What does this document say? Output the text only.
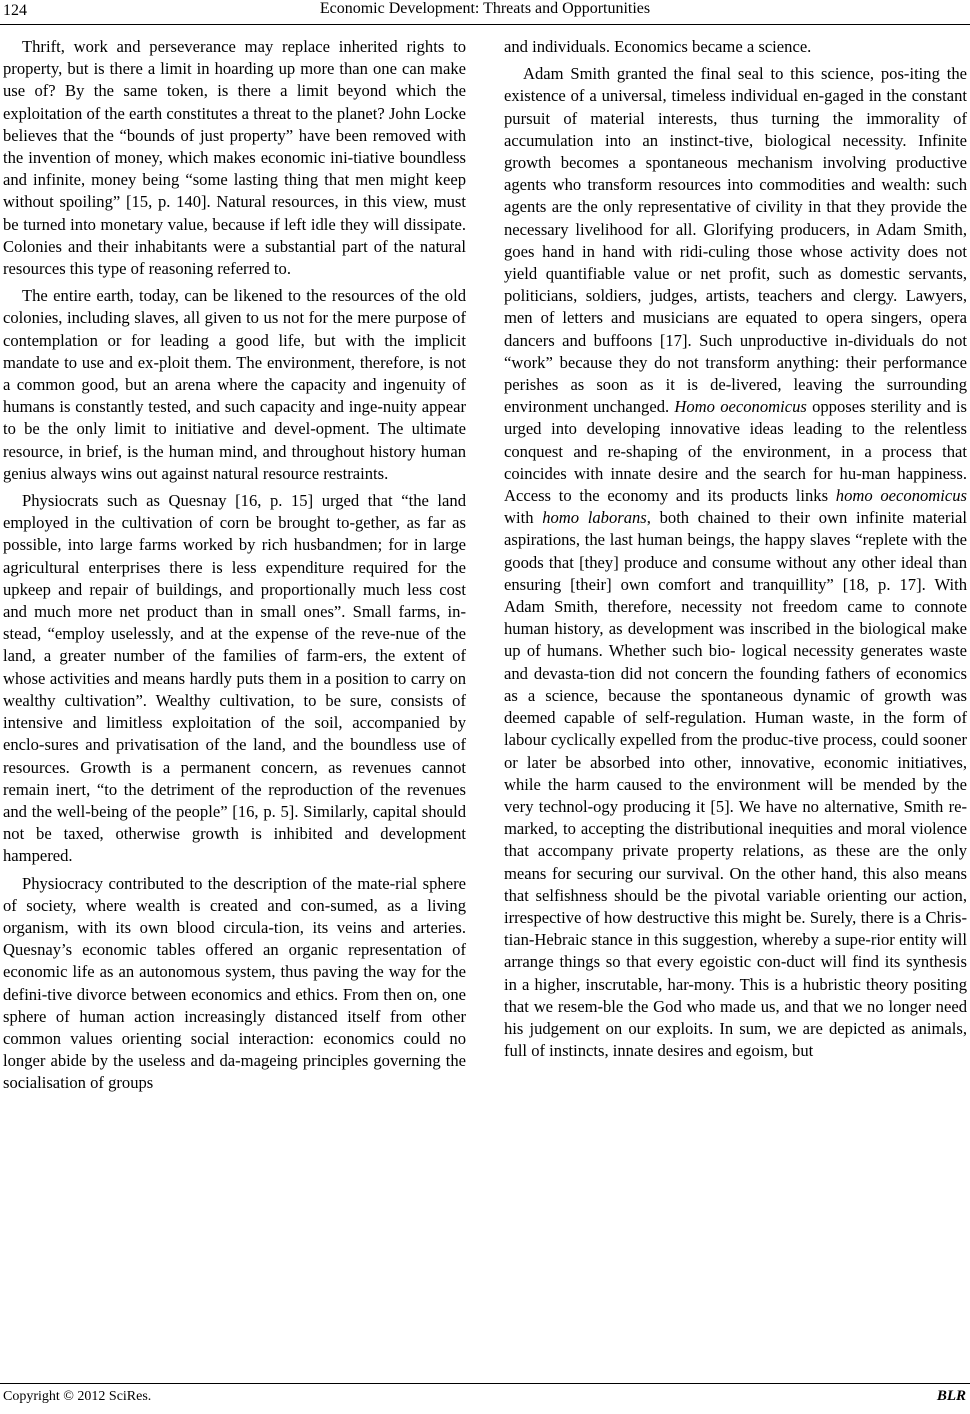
124	Economic Development: Threats and Opportunities

Thrift, work and perseverance may replace inherited rights to property, but is there a limit in hoarding up more than one can make use of? By the same token, is there a limit beyond which the exploitation of the earth constitutes a threat to the planet? John Locke believes that the “bounds of just property” have been removed with the invention of money, which makes economic ini-tiative boundless and infinite, money being “some lasting thing that men might keep without spoiling” [15, p. 140]. Natural resources, in this view, must be turned into monetary value, because if left idle they will dissipate. Colonies and their inhabitants were a substantial part of the natural resources this type of reasoning referred to.

The entire earth, today, can be likened to the resources of the old colonies, including slaves, all given to us not for the mere purpose of contemplation or for leading a good life, but with the implicit mandate to use and ex-ploit them. The environment, therefore, is not a common good, but an arena where the capacity and ingenuity of humans is constantly tested, and such capacity and inge-nuity appear to be the only limit to initiative and devel-opment. The ultimate resource, in brief, is the human mind, and throughout history human genius always wins out against natural resource restraints.

Physiocrats such as Quesnay [16, p. 15] urged that “the land employed in the cultivation of corn be brought to-gether, as far as possible, into large farms worked by rich husbandmen; for in large agricultural enterprises there is less expenditure required for the upkeep and repair of buildings, and proportionally much less cost and much more net product than in small ones”. Small farms, in-stead, “employ uselessly, and at the expense of the reve-nue of the land, a greater number of the families of farm-ers, the extent of whose activities and means hardly puts them in a position to carry on wealthy cultivation”. Wealthy cultivation, to be sure, consists of intensive and limitless exploitation of the soil, accompanied by enclo-sures and privatisation of the land, and the boundless use of resources. Growth is a permanent concern, as revenues cannot remain inert, “to the detriment of the reproduction of the revenues and the well-being of the people” [16, p. 5]. Similarly, capital should not be taxed, otherwise growth is inhibited and development hampered.

Physiocracy contributed to the description of the mate-rial sphere of society, where wealth is created and con-sumed, as a living organism, with its own blood circula-tion, its veins and arteries. Quesnay’s economic tables offered an organic representation of economic life as an autonomous system, thus paving the way for the defini-tive divorce between economics and ethics. From then on, one sphere of human action increasingly distanced itself from other common values orienting social interaction: economics could no longer abide by the useless and da-mageing principles governing the socialisation of groups

and individuals. Economics became a science.

Adam Smith granted the final seal to this science, pos-iting the existence of a universal, timeless individual en-gaged in the constant pursuit of material interests, thus turning the immorality of accumulation into an instinct-tive, biological necessity. Infinite growth becomes a spontaneous mechanism involving productive agents who transform resources into commodities and wealth: such agents are the only representative of civility in that they provide the necessary livelihood for all. Glorifying producers, in Adam Smith, goes hand in hand with ridi-culing those whose activity does not yield quantifiable value or net profit, such as domestic servants, politicians, soldiers, judges, artists, teachers and clergy. Lawyers, men of letters and musicians are equated to opera singers, opera dancers and buffoons [17]. Such unproductive in-dividuals do not “work” because they do not transform anything: their performance perishes as soon as it is de-livered, leaving the surrounding environment unchanged. Homo oeconomicus opposes sterility and is urged into developing innovative ideas leading to the relentless conquest and re-shaping of the environment, in a process that coincides with innate desire and the search for hu-man happiness. Access to the economy and its products links homo oeconomicus with homo laborans, both chained to their own infinite material aspirations, the last human beings, the happy slaves “replete with the goods that [they] produce and consume without any other ideal than ensuring [their] own comfort and tranquillity” [18, p. 17]. With Adam Smith, therefore, necessity not freedom came to connote human history, as development was inscribed in the biological make up of humans. Whether such bio- logical necessity generates waste and devasta-tion did not concern the founding fathers of economics as a science, because the spontaneous dynamic of growth was deemed capable of self-regulation. Human waste, in the form of labour cyclically expelled from the produc-tive process, could sooner or later be absorbed into other, innovative, economic initiatives, while the harm caused to the environment will be mended by the very technol-ogy producing it [5]. We have no alternative, Smith re-marked, to accepting the distributional inequities and moral violence that accompany private property relations, as these are the only means for securing our survival. On the other hand, this also means that selfishness should be the pivotal variable orienting our action, irrespective of how destructive this might be. Surely, there is a Chris-tian-Hebraic stance in this suggestion, whereby a supe-rior entity will arrange things so that every egoistic con-duct will find its synthesis in a higher, inscrutable, har-mony. This is a hubristic theory positing that we resem-ble the God who made us, and that we no longer need his judgement on our exploits. In sum, we are depicted as animals, full of instincts, innate desires and egoism, but

Copyright © 2012 SciRes.	BLR
